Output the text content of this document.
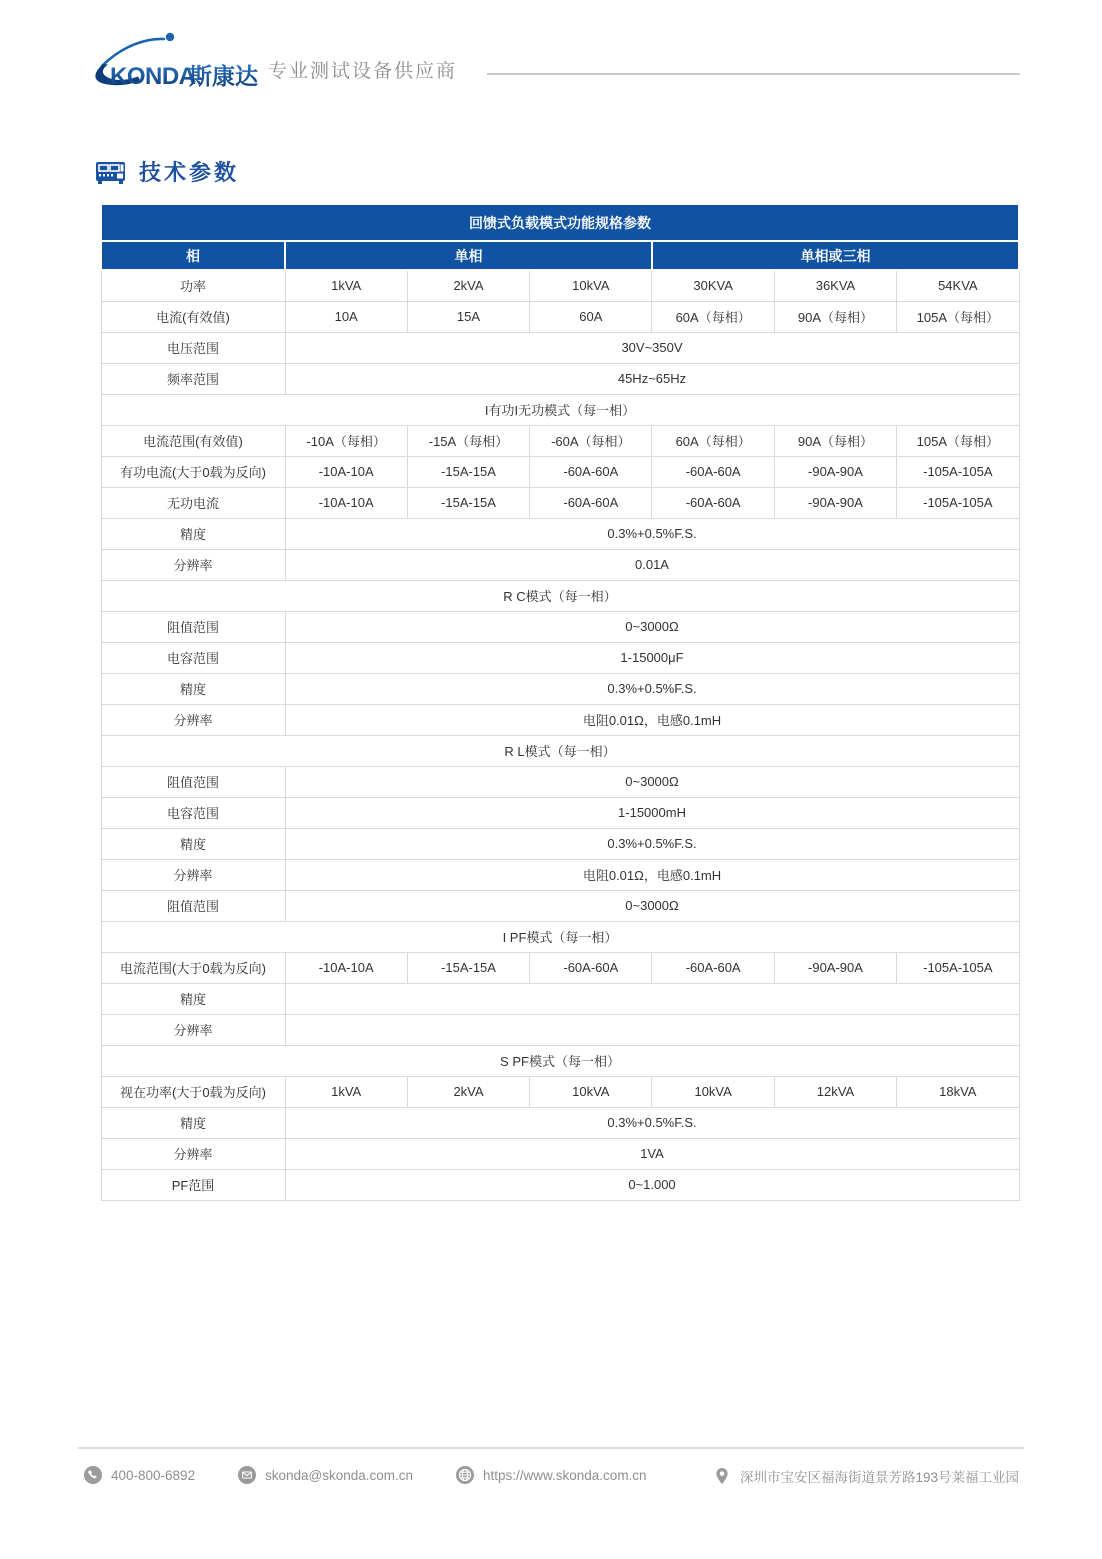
KONDA
斯康达 专业测试设备供应商
技术参数
回馈式负载模式功能规格参数						
相	单相			单相或三相		
功率	1kVA	2kVA	10kVA	30KVA	36KVA	54KVA
电流(有效值)	10A	15A	60A	60A（每相）	90A（每相）	105A（每相）
电压范围	30V~350V					
频率范围	45Hz~65Hz					
I有功I无功模式（每一相）						
电流范围(有效值)	-10A（每相）	-15A（每相）	-60A（每相）	60A（每相）	90A（每相）	105A（每相）
有功电流(大于0载为反向)	-10A-10A	-15A-15A	-60A-60A	-60A-60A	-90A-90A	-105A-105A
无功电流	-10A-10A	-15A-15A	-60A-60A	-60A-60A	-90A-90A	-105A-105A
精度	0.3%+0.5%F.S.					
分辨率	0.01A					
R C模式（每一相）						
阻值范围	0~3000Ω					
电容范围	1-15000μF					
精度	0.3%+0.5%F.S.					
分辨率	电阻0.01Ω，电感0.1mH					
R L模式（每一相）						
阻值范围	0~3000Ω					
电容范围	1-15000mH					
精度	0.3%+0.5%F.S.					
分辨率	电阻0.01Ω，电感0.1mH					
阻值范围	0~3000Ω					
I PF模式（每一相）						
电流范围(大于0载为反向)	-10A-10A	-15A-15A	-60A-60A	-60A-60A	-90A-90A	-105A-105A
精度						
分辨率						
S PF模式（每一相）						
视在功率(大于0载为反向)	1kVA	2kVA	10kVA	10kVA	12kVA	18kVA
精度	0.3%+0.5%F.S.					
分辨率	1VA					
PF范围	0~1.000					
400-800-6892	skonda@skonda.com.cn	https://www.skonda.com.cn	深圳市宝安区福海街道景芳路193号莱福工业园
